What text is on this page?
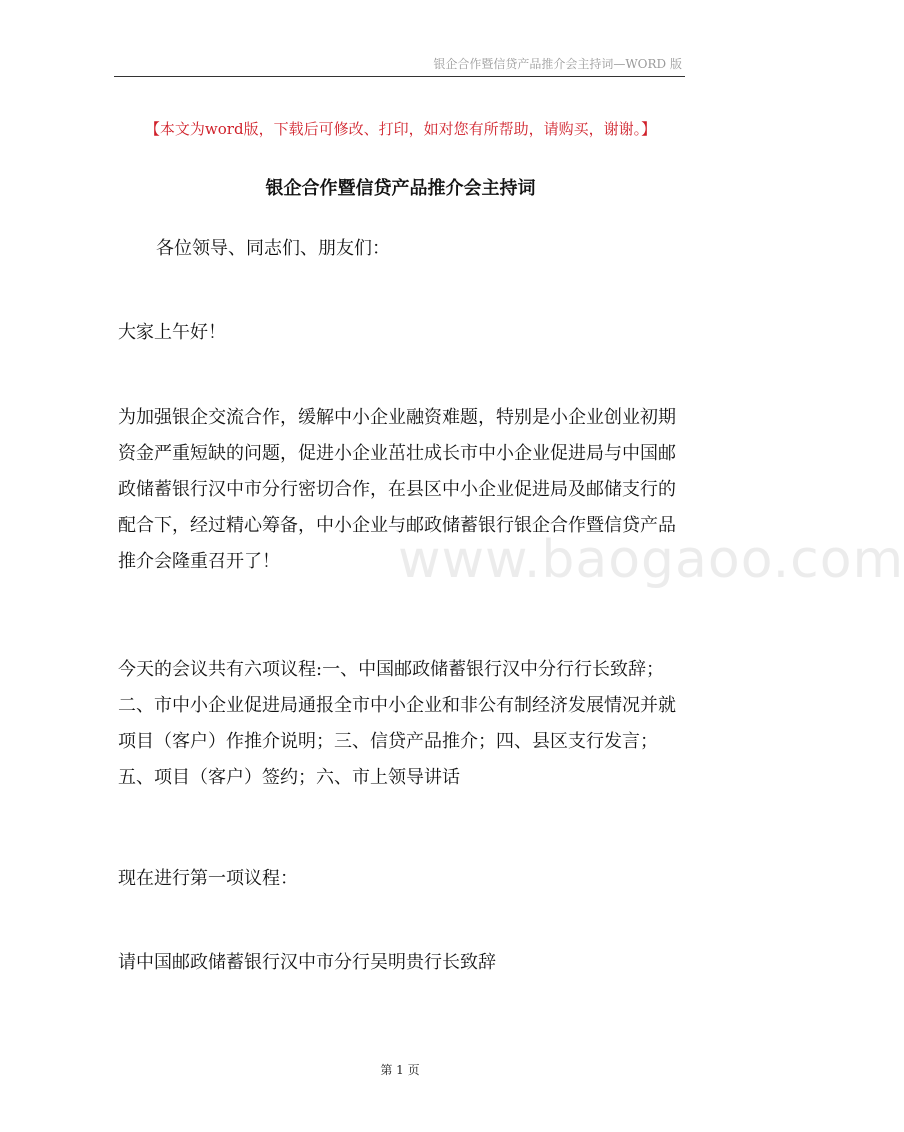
银企合作暨信贷产品推介会主持词—WORD 版
【本文为word版，下载后可修改、打印，如对您有所帮助，请购买，谢谢。】
银企合作暨信贷产品推介会主持词
各位领导、同志们、朋友们：
大家上午好！
为加强银企交流合作，缓解中小企业融资难题，特别是小企业创业初期资金严重短缺的问题，促进小企业茁壮成长市中小企业促进局与中国邮政储蓄银行汉中市分行密切合作，在县区中小企业促进局及邮储支行的配合下，经过精心筹备，中小企业与邮政储蓄银行银企合作暨信贷产品推介会隆重召开了！
今天的会议共有六项议程:一、中国邮政储蓄银行汉中分行行长致辞；二、市中小企业促进局通报全市中小企业和非公有制经济发展情况并就项目（客户）作推介说明；三、信贷产品推介；四、县区支行发言；五、项目（客户）签约；六、市上领导讲话
现在进行第一项议程：
请中国邮政储蓄银行汉中市分行吴明贵行长致辞
www.baogaoo.com
第 1 页
